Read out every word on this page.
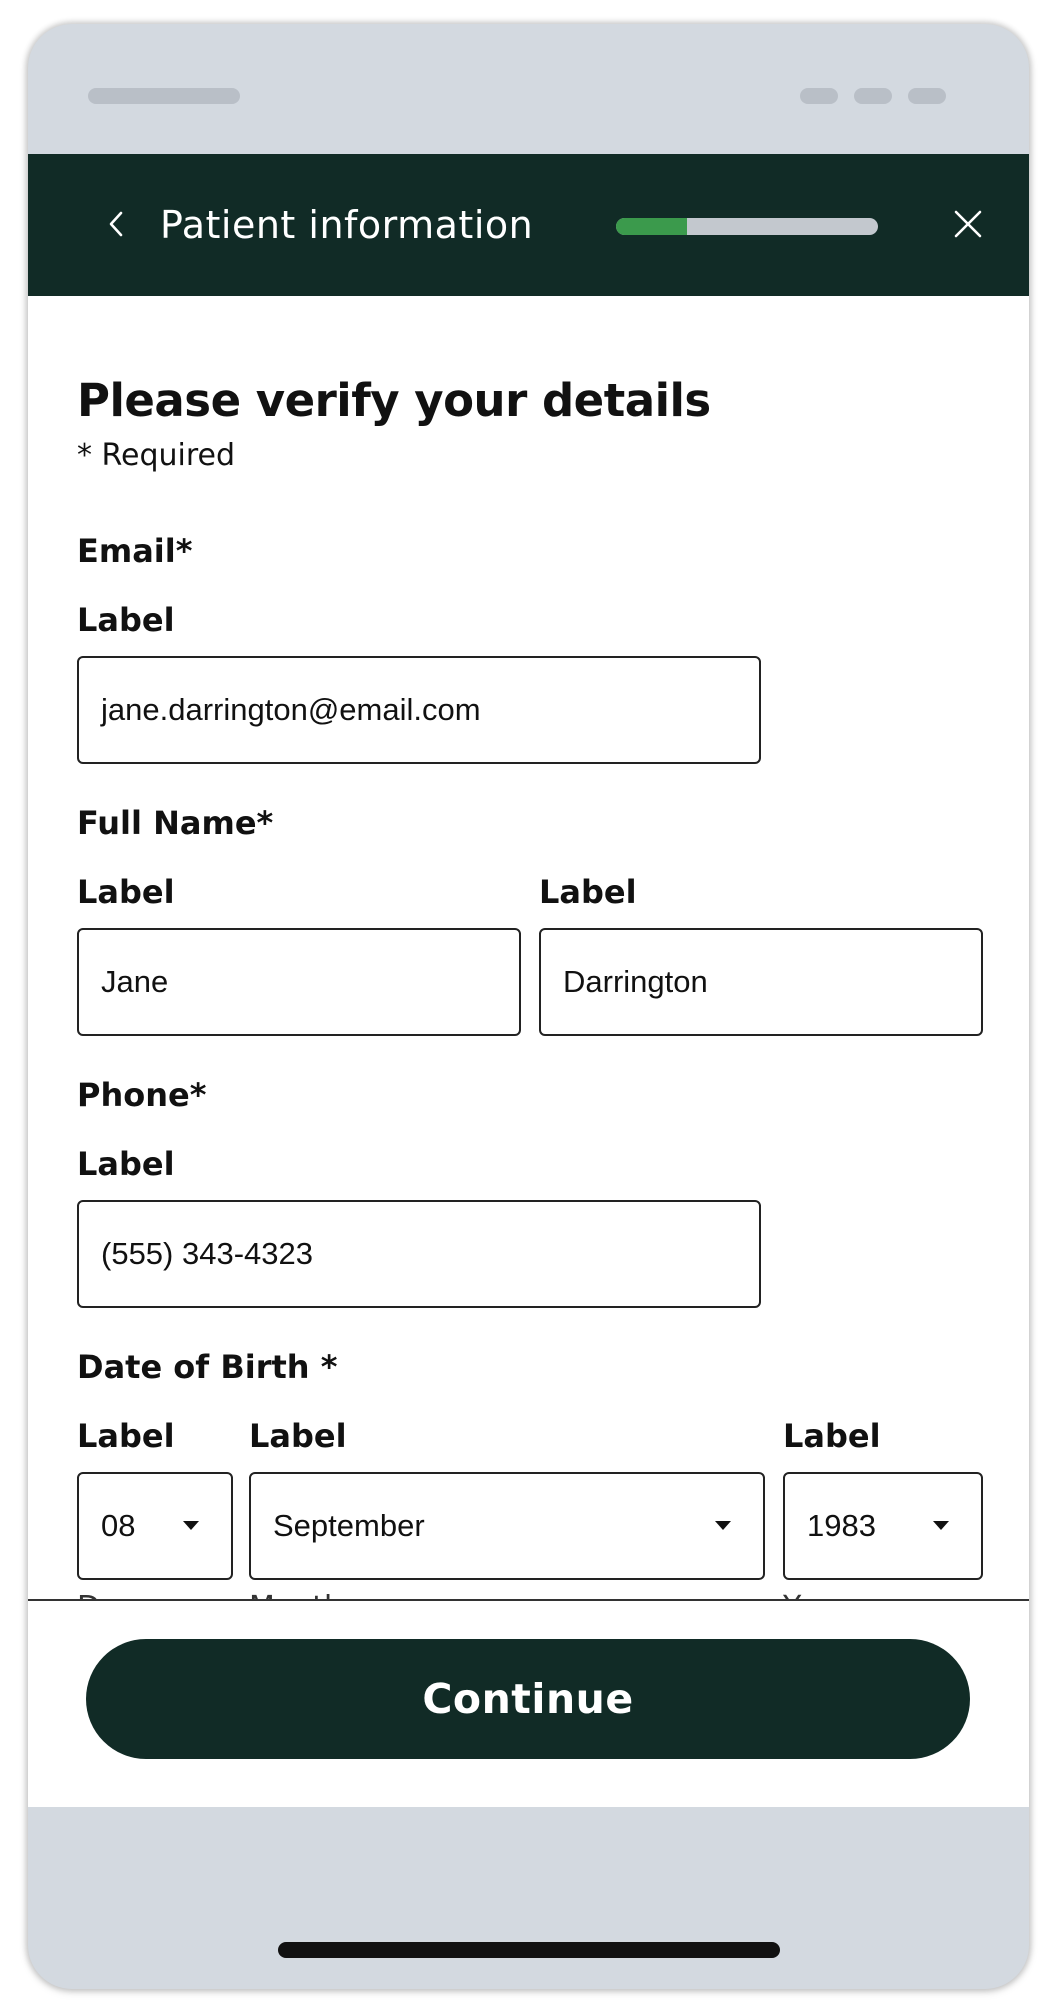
Patient information
Please verify your details
* Required
Email*
Label
jane.darrington@email.com
Full Name*
Label
Jane
Label
Darrington
Phone*
Label
(555) 343-4323
Date of Birth *
Label
08
Label
September
Label
1983
Continue
